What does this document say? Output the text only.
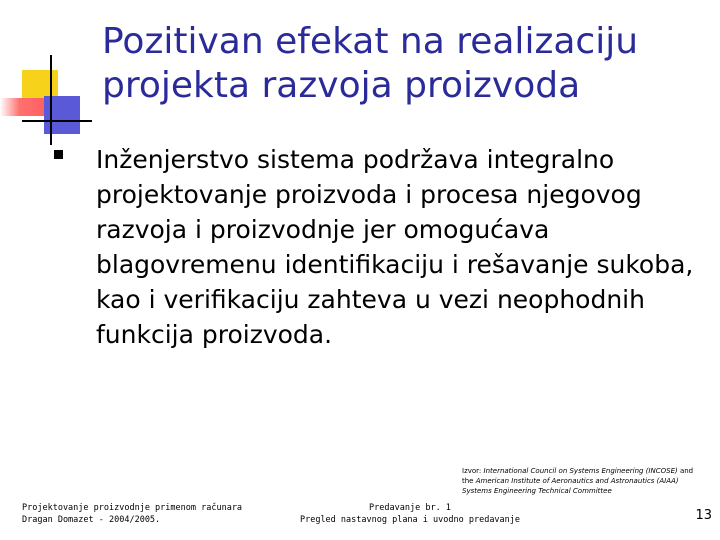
Pozitivan efekat na realizaciju
projekta razvoja proizvoda

Inženjerstvo sistema podržava integralno projektovanje proizvoda i procesa njegovog razvoja i proizvodnje jer omogućava blagovremenu identifikaciju i rešavanje sukoba, kao i verifikaciju zahteva u vezi neophodnih funkcija proizvoda.

Izvor: International Council on Systems Engineering (INCOSE) and
the American Institute of Aeronautics and Astronautics (AIAA)
Systems Engineering Technical Committee
Projektovanje proizvodnje primenom računara
Dragan Domazet - 2004/2005.
Predavanje br. 1
Pregled nastavnog plana i uvodno predavanje	13
